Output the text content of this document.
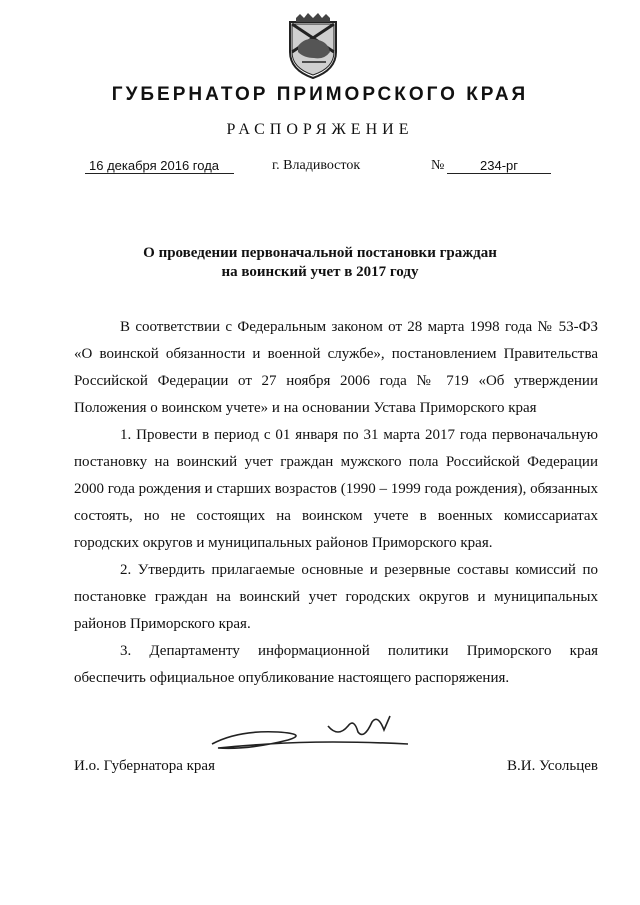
ГУБЕРНАТОР ПРИМОРСКОГО КРАЯ
РАСПОРЯЖЕНИЕ
16 декабря 2016 года	г. Владивосток	№	234-рг
О проведении первоначальной постановки граждан
на воинский учет в 2017 году

В соответствии с Федеральным законом от 28 марта 1998 года № 53-ФЗ «О воинской обязанности и военной службе», постановлением Правительства Российской Федерации от 27 ноября 2006 года № 719 «Об утверждении Положения о воинском учете» и на основании Устава Приморского края

1. Провести в период с 01 января по 31 марта 2017 года первоначальную постановку на воинский учет граждан мужского пола Российской Федерации 2000 года рождения и старших возрастов (1990 – 1999 года рождения), обязанных состоять, но не состоящих на воинском учете в военных комиссариатах городских округов и муниципальных районов Приморского края.

2. Утвердить прилагаемые основные и резервные составы комиссий по постановке граждан на воинский учет городских округов и муниципальных районов Приморского края.

3. Департаменту информационной политики Приморского края обеспечить официальное опубликование настоящего распоряжения.

И.о. Губернатора края	В.И. Усольцев
